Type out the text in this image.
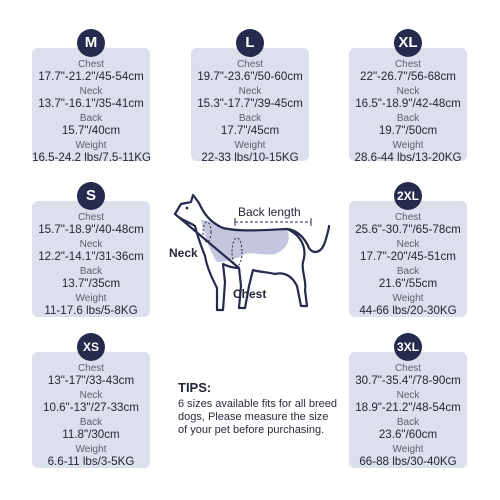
Chest
17.7"-21.2"/45-54cm
Neck
13.7"-16.1"/35-41cm
Back
15.7"/40cm
Weight
16.5-24.2 lbs/7.5-11KG
M
Chest
19.7"-23.6"/50-60cm
Neck
15.3"-17.7"/39-45cm
Back
17.7"/45cm
Weight
22-33 lbs/10-15KG
L
Chest
22"-26.7"/56-68cm
Neck
16.5"-18.9"/42-48cm
Back
19.7"/50cm
Weight
28.6-44 lbs/13-20KG
XL
Chest
15.7"-18.9"/40-48cm
Neck
12.2"-14.1"/31-36cm
Back
13.7"/35cm
Weight
11-17.6 lbs/5-8KG
S
Chest
25.6"-30.7"/65-78cm
Neck
17.7"-20"/45-51cm
Back
21.6"/55cm
Weight
44-66 lbs/20-30KG
2XL
Chest
13"-17"/33-43cm
Neck
10.6"-13"/27-33cm
Back
11.8"/30cm
Weight
6.6-11 lbs/3-5KG
XS
Chest
30.7"-35.4"/78-90cm
Neck
18.9"-21.2"/48-54cm
Back
23.6"/60cm
Weight
66-88 lbs/30-40KG
3XL
Back length
Neck
Chest
TIPS:
6 sizes available fits for all breed dogs, Please measure the size of your pet before purchasing.
